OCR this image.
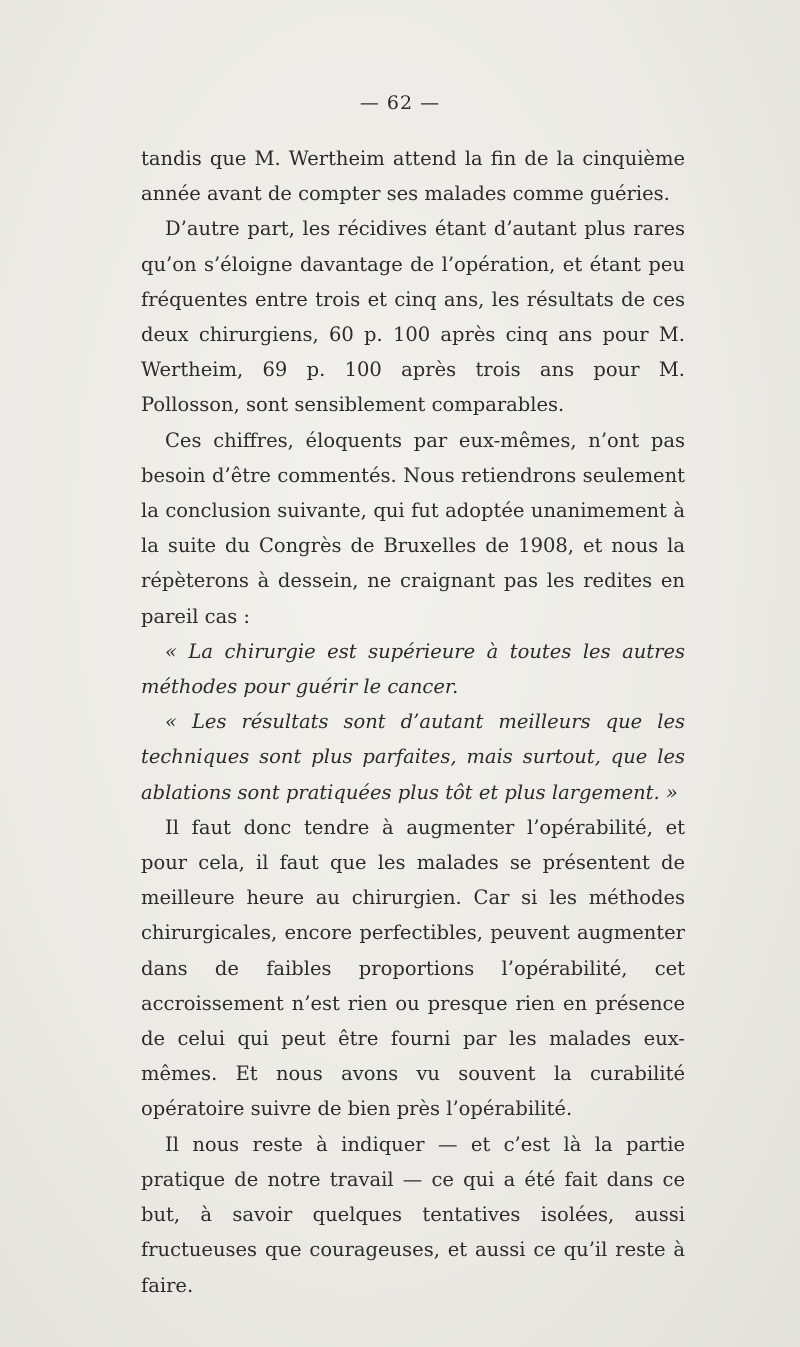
— 62 —

tandis que M. Wertheim attend la fin de la cinquième année avant de compter ses malades comme guéries.

D’autre part, les récidives étant d’autant plus rares qu’on s’éloigne davantage de l’opération, et étant peu fréquentes entre trois et cinq ans, les résultats de ces deux chirurgiens, 60 p. 100 après cinq ans pour M. Wertheim, 69 p. 100 après trois ans pour M. Pollosson, sont sensiblement comparables.

Ces chiffres, éloquents par eux-mêmes, n’ont pas besoin d’être commentés. Nous retiendrons seulement la conclusion suivante, qui fut adoptée unanimement à la suite du Congrès de Bruxelles de 1908, et nous la répèterons à dessein, ne craignant pas les redites en pareil cas :

« La chirurgie est supérieure à toutes les autres méthodes pour guérir le cancer.

« Les résultats sont d’autant meilleurs que les techniques sont plus parfaites, mais surtout, que les ablations sont pratiquées plus tôt et plus largement. »

Il faut donc tendre à augmenter l’opérabilité, et pour cela, il faut que les malades se présentent de meilleure heure au chirurgien. Car si les méthodes chirurgicales, encore perfectibles, peuvent augmenter dans de faibles proportions l’opérabilité, cet accroissement n’est rien ou presque rien en présence de celui qui peut être fourni par les malades eux-mêmes. Et nous avons vu souvent la curabilité opératoire suivre de bien près l’opérabilité.

Il nous reste à indiquer — et c’est là la partie pratique de notre travail — ce qui a été fait dans ce but, à savoir quelques tentatives isolées, aussi fructueuses que courageuses, et aussi ce qu’il reste à faire.
